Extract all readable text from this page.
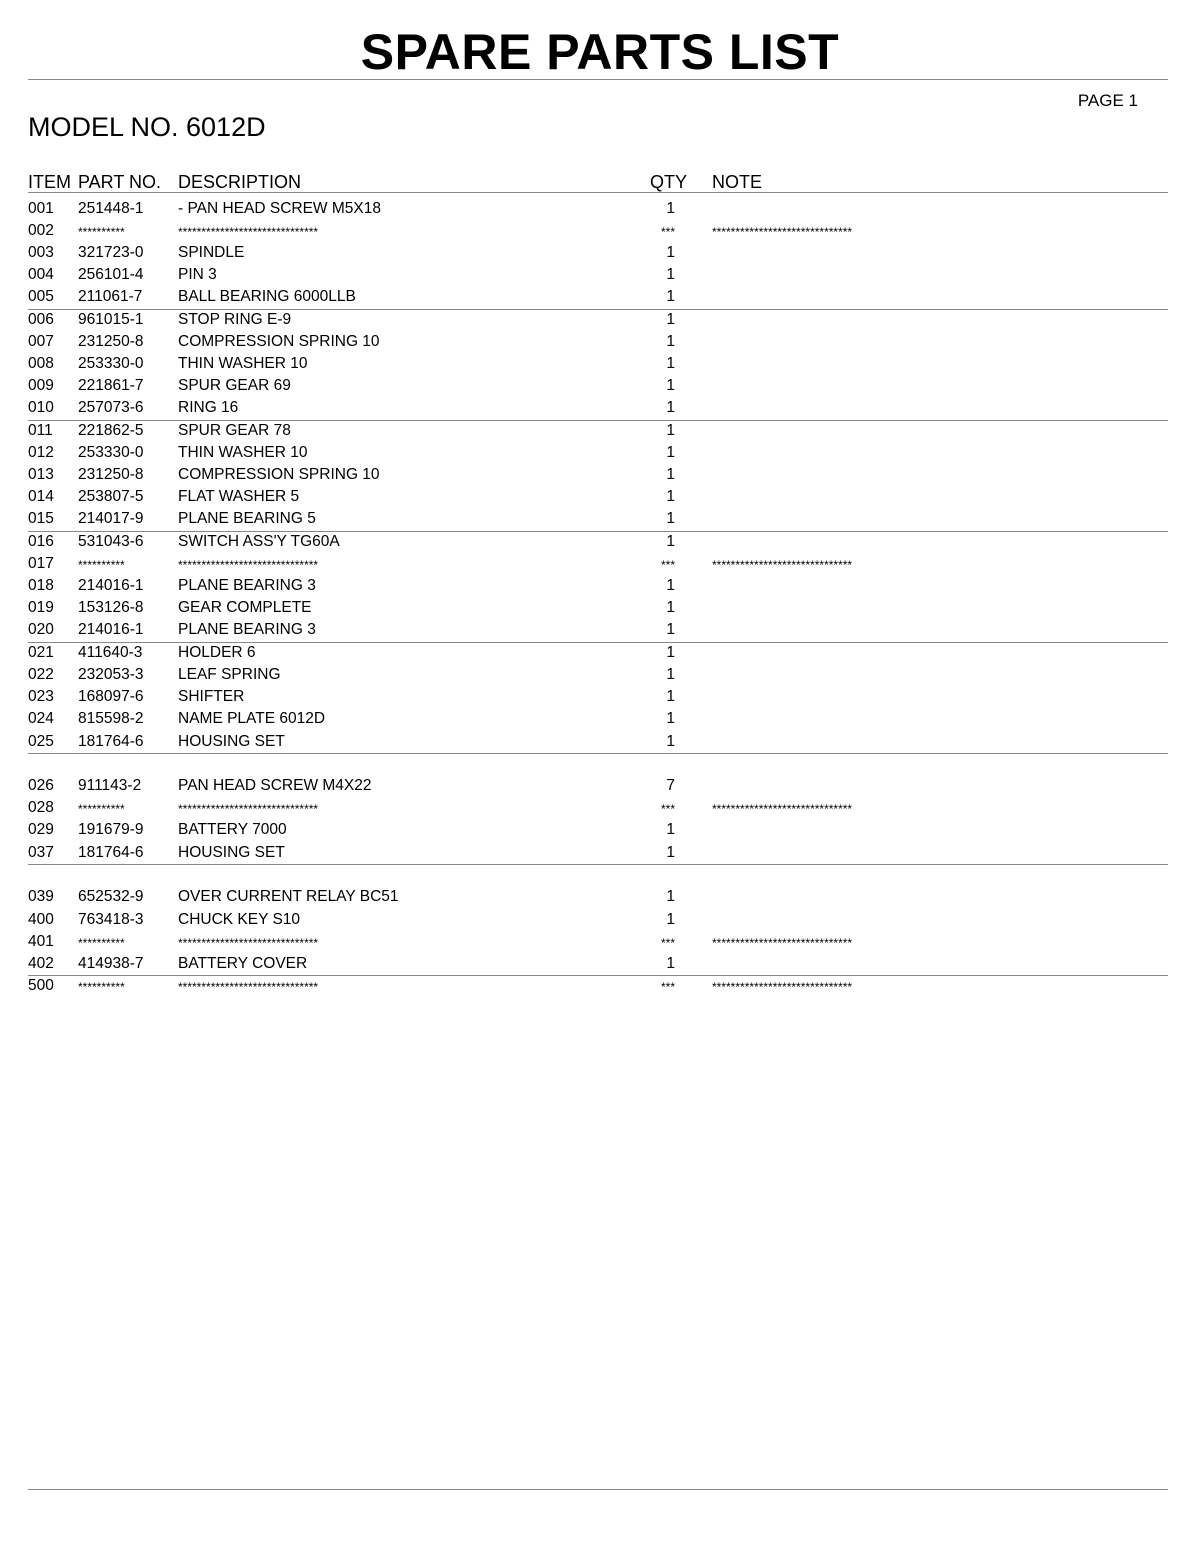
SPARE PARTS LIST
PAGE 1
MODEL NO. 6012D
ITEM PART NO. DESCRIPTION	QTY NOTE
001 251448-1 - PAN HEAD SCREW M5X18	1
002 **********	******************************	***	******************************
003 321723-0 SPINDLE	1
004 256101-4 PIN 3	1
005 211061-7 BALL BEARING 6000LLB	1
006 961015-1 STOP RING E-9	1
007 231250-8 COMPRESSION SPRING 10	1
008 253330-0 THIN WASHER 10	1
009 221861-7 SPUR GEAR 69	1
010 257073-6 RING 16	1
011 221862-5 SPUR GEAR 78	1
012 253330-0 THIN WASHER 10	1
013 231250-8 COMPRESSION SPRING 10	1
014 253807-5 FLAT WASHER 5	1
015 214017-9 PLANE BEARING 5	1
016 531043-6 SWITCH ASS'Y TG60A	1
017 **********	******************************	***	******************************
018 214016-1 PLANE BEARING 3	1
019 153126-8 GEAR COMPLETE	1
020 214016-1 PLANE BEARING 3	1
021 411640-3 HOLDER 6	1
022 232053-3 LEAF SPRING	1
023 168097-6 SHIFTER	1
024 815598-2 NAME PLATE 6012D	1
025 181764-6 HOUSING SET	1
026 911143-2 PAN HEAD SCREW M4X22	7
028 **********	******************************	***	******************************
029 191679-9 BATTERY 7000	1
037 181764-6 HOUSING SET	1
039 652532-9 OVER CURRENT RELAY BC51	1
400 763418-3 CHUCK KEY S10	1
401 **********	******************************	***	******************************
402 414938-7 BATTERY COVER	1
500 **********	******************************	***	******************************
